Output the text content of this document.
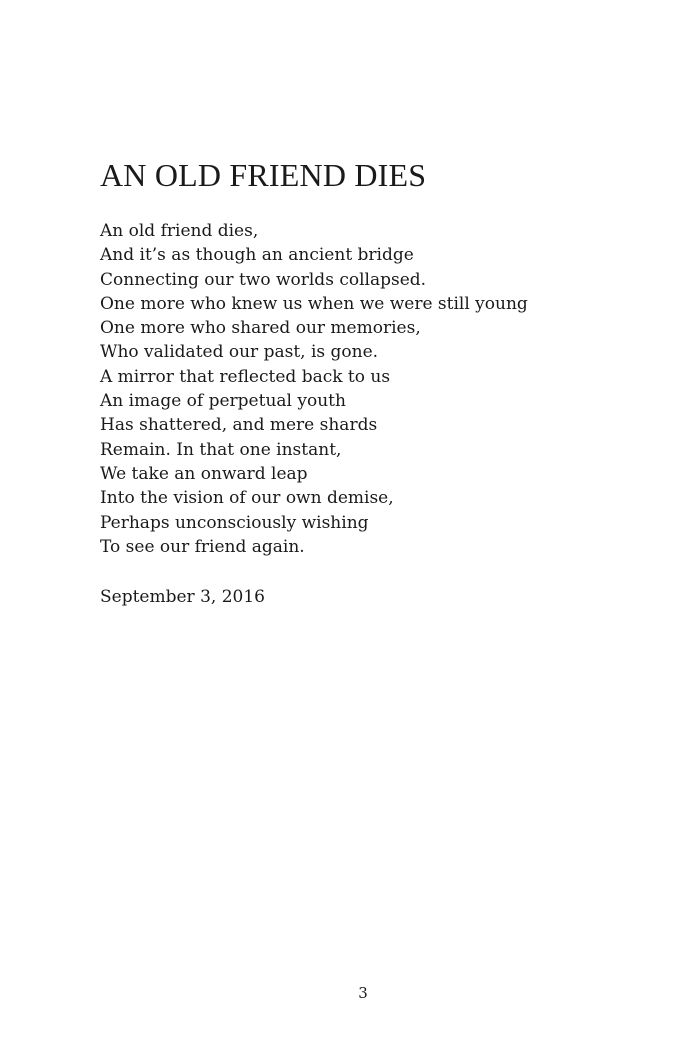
AN OLD FRIEND DIES
An old friend dies,
And it’s as though an ancient bridge
Connecting our two worlds collapsed.
One more who knew us when we were still young
One more who shared our memories,
Who validated our past, is gone.
A mirror that reflected back to us
An image of perpetual youth
Has shattered, and mere shards
Remain. In that one instant,
We take an onward leap
Into the vision of our own demise,
Perhaps unconsciously wishing
To see our friend again.
September 3, 2016
3
